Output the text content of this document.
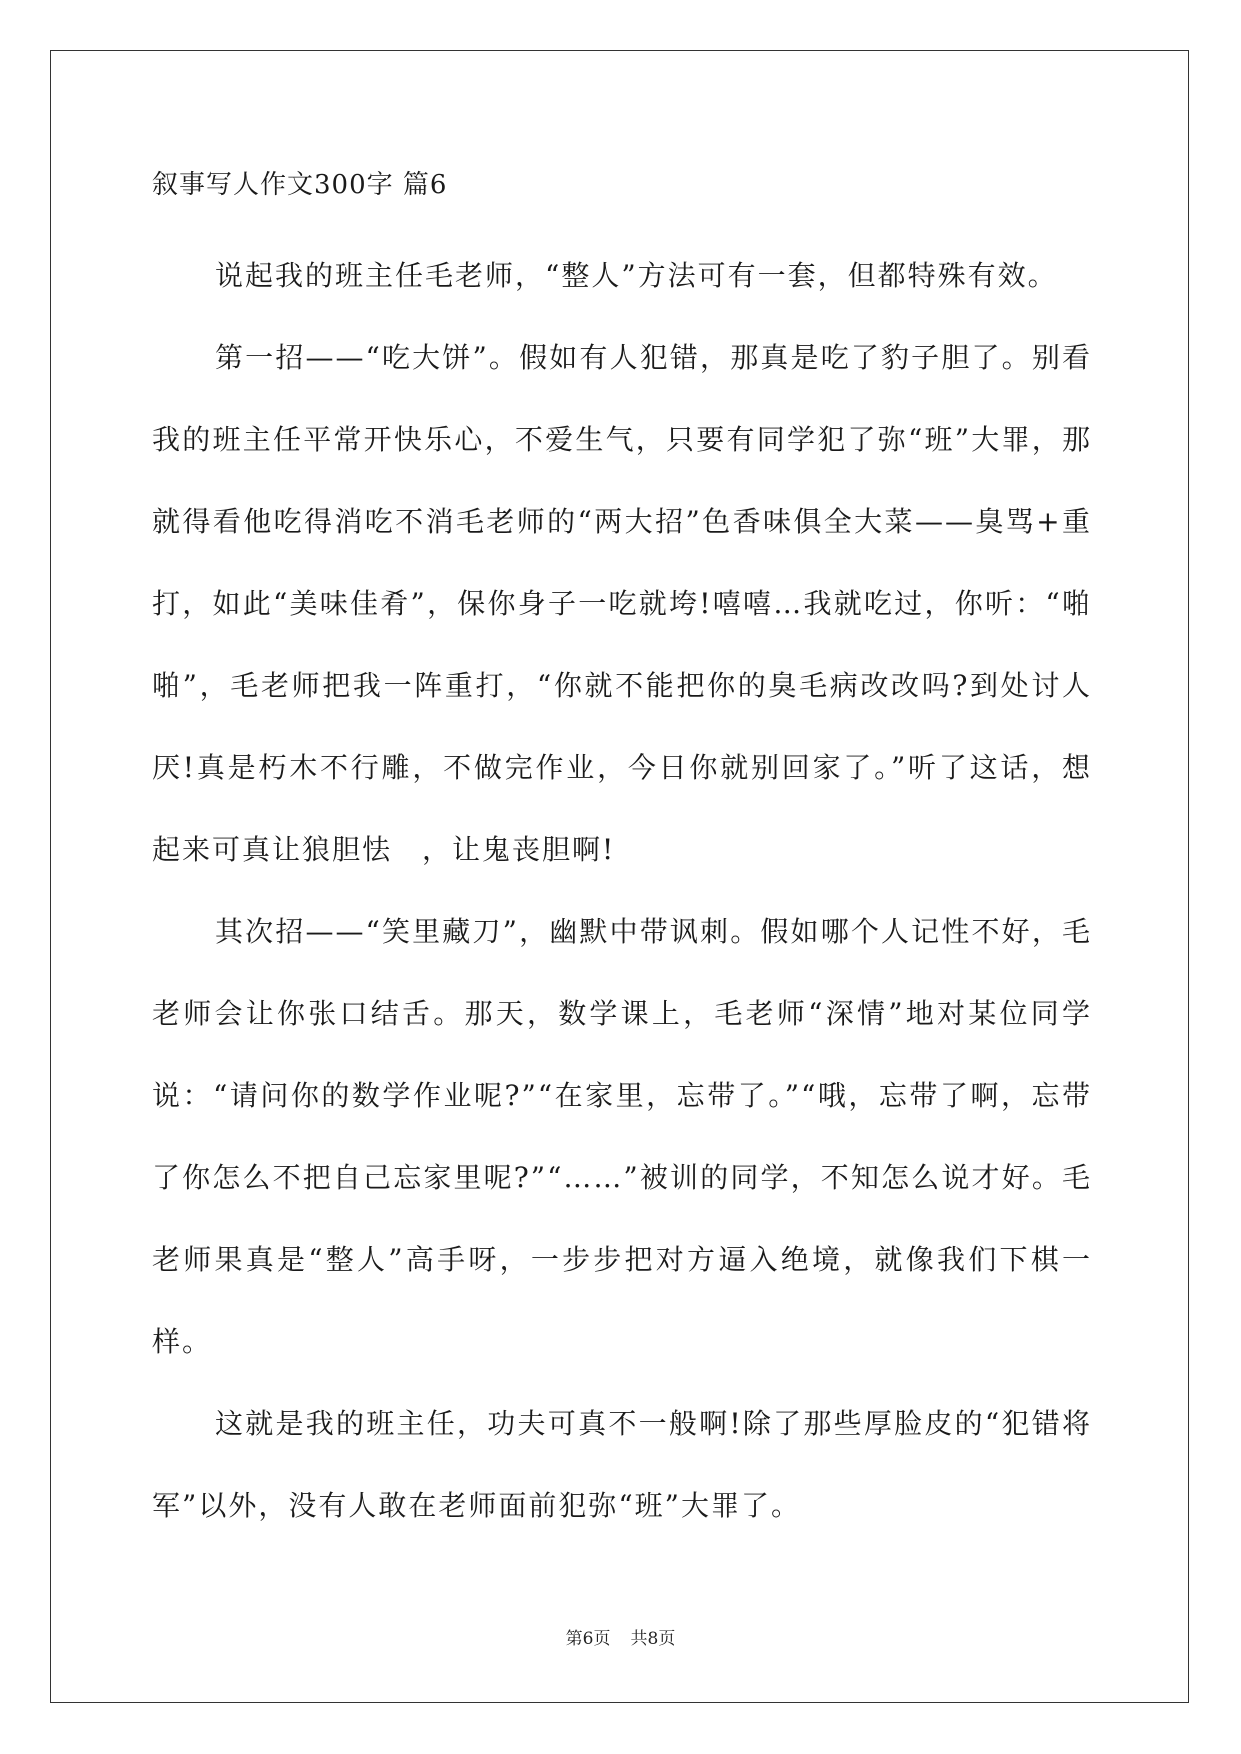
叙事写人作文300字 篇6

说起我的班主任毛老师，“整人”方法可有一套，但都特殊有效。

第一招——“吃大饼”。假如有人犯错，那真是吃了豹子胆了。别看我的班主任平常开快乐心，不爱生气，只要有同学犯了弥“班”大罪，那就得看他吃得消吃不消毛老师的“两大招”色香味俱全大菜——臭骂+重打，如此“美味佳肴”，保你身子一吃就垮!嘻嘻…我就吃过，你听：“啪啪”，毛老师把我一阵重打，“你就不能把你的臭毛病改改吗?到处讨人厌!真是朽木不行雕，不做完作业，今日你就别回家了。”听了这话，想起来可真让狼胆怯　，让鬼丧胆啊!

其次招——“笑里藏刀”，幽默中带讽刺。假如哪个人记性不好，毛老师会让你张口结舌。那天，数学课上，毛老师“深情”地对某位同学说：“请问你的数学作业呢?”“在家里，忘带了。”“哦，忘带了啊，忘带了你怎么不把自己忘家里呢?”“……”被训的同学，不知怎么说才好。毛老师果真是“整人”高手呀，一步步把对方逼入绝境，就像我们下棋一样。

这就是我的班主任，功夫可真不一般啊!除了那些厚脸皮的“犯错将军”以外，没有人敢在老师面前犯弥“班”大罪了。

第6页 共8页
